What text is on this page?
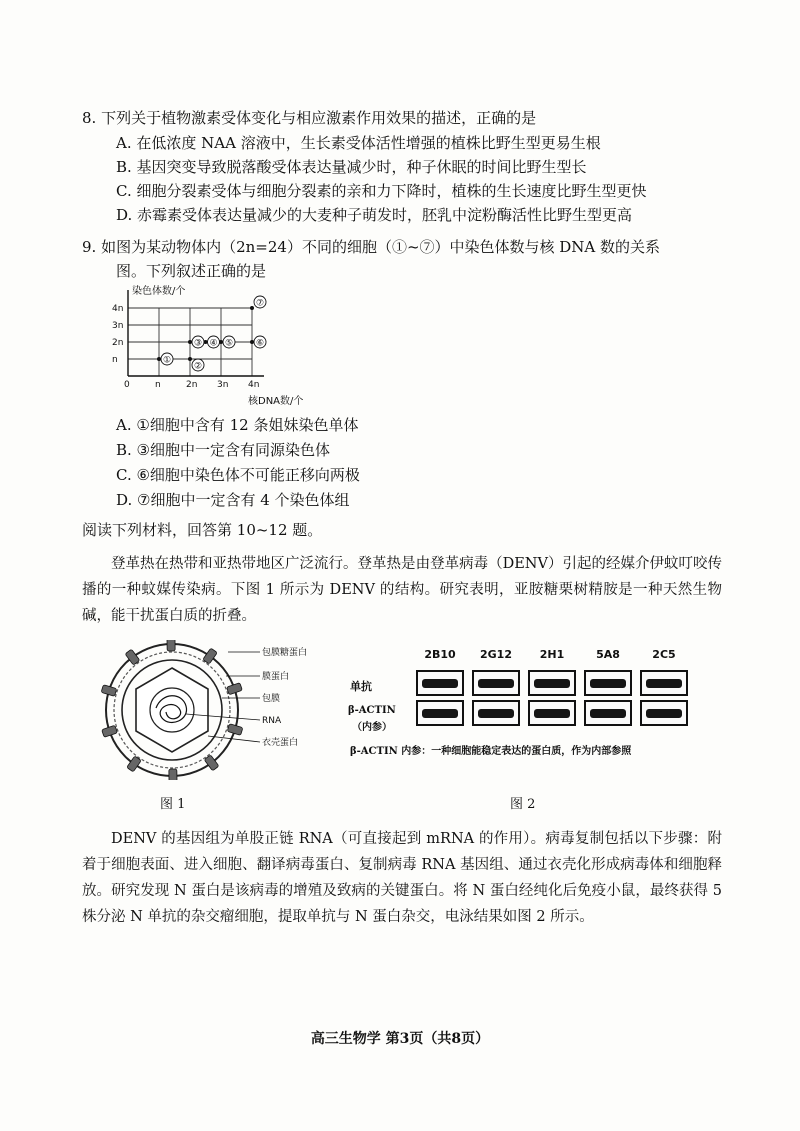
8. 下列关于植物激素受体变化与相应激素作用效果的描述，正确的是
A. 在低浓度 NAA 溶液中，生长素受体活性增强的植株比野生型更易生根
B. 基因突变导致脱落酸受体表达量减少时，种子休眠的时间比野生型长
C. 细胞分裂素受体与细胞分裂素的亲和力下降时，植株的生长速度比野生型更快
D. 赤霉素受体表达量减少的大麦种子萌发时，胚乳中淀粉酶活性比野生型更高
9. 如图为某动物体内（2n=24）不同的细胞（①~⑦）中染色体数与核 DNA 数的关系
图。下列叙述正确的是
0	n	2n 3n 4n
n
2n
3n
4n
染色体数/个
核DNA数/个
①
②
③ ④ ⑤	⑥
⑦
A. ①细胞中含有 12 条姐妹染色单体
B. ③细胞中一定含有同源染色体
C. ⑥细胞中染色体不可能正移向两极
D. ⑦细胞中一定含有 4 个染色体组
阅读下列材料，回答第 10~12 题。

登革热在热带和亚热带地区广泛流行。登革热是由登革病毒（DENV）引起的经媒介伊蚊叮咬传播的一种蚊媒传染病。下图 1 所示为 DENV 的结构。研究表明，亚胺糖栗树精胺是一种天然生物碱，能干扰蛋白质的折叠。

包膜糖蛋白
膜蛋白
包膜
RNA
衣壳蛋白
图 1
2B10	2G12	2H1	5A8	2C5
单抗
β-ACTIN
（内参）
β-ACTIN 内参：一种细胞能稳定表达的蛋白质，作为内部参照
图 2

DENV 的基因组为单股正链 RNA（可直接起到 mRNA 的作用）。病毒复制包括以下步骤：附着于细胞表面、进入细胞、翻译病毒蛋白、复制病毒 RNA 基因组、通过衣壳化形成病毒体和细胞释放。研究发现 N 蛋白是该病毒的增殖及致病的关键蛋白。将 N 蛋白经纯化后免疫小鼠，最终获得 5 株分泌 N 单抗的杂交瘤细胞，提取单抗与 N 蛋白杂交，电泳结果如图 2 所示。

高三生物学 第3页（共8页）
